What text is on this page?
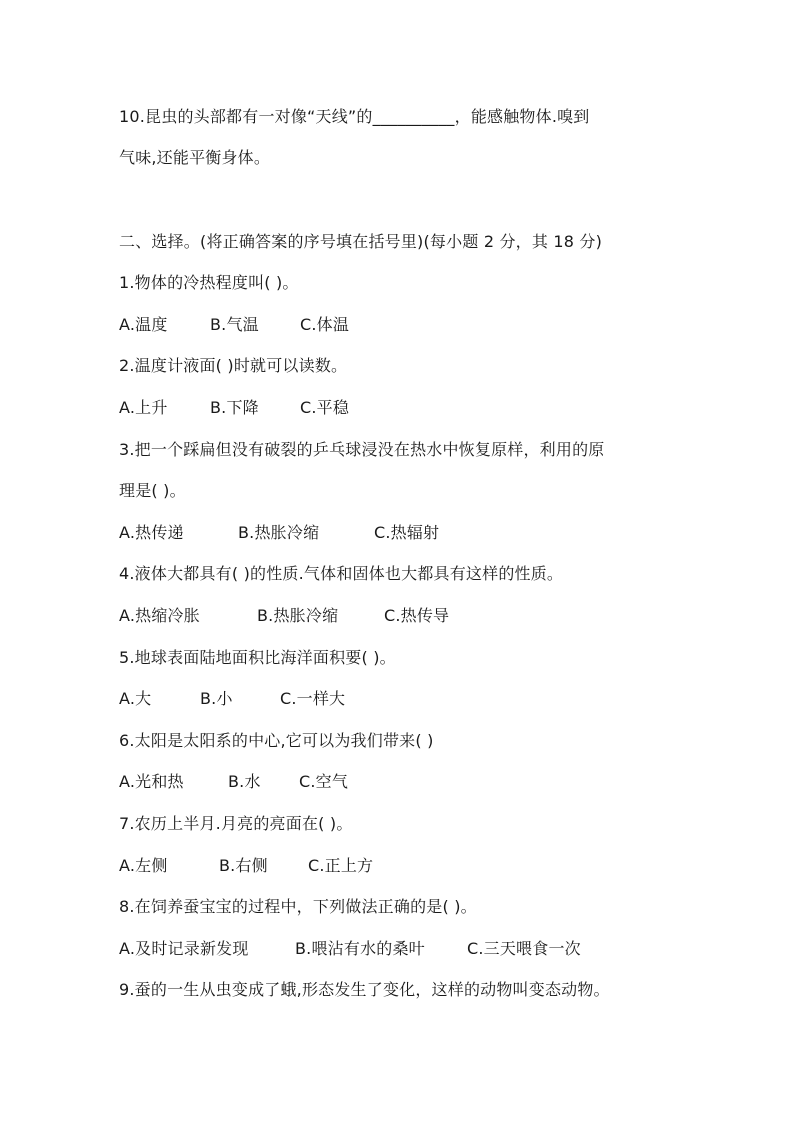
10.昆虫的头部都有一对像“天线”的__________，能感触物体.嗅到
气味,还能平衡身体。
二、选择。(将正确答案的序号填在括号里)(每小题 2 分，其 18 分)
1.物体的冷热程度叫( )。
A.温度	B.气温	C.体温
2.温度计液面( )时就可以读数。
A.上升	B.下降	C.平稳
3.把一个踩扁但没有破裂的乒乓球浸没在热水中恢复原样，利用的原
理是( )。
A.热传递	B.热胀冷缩	C.热辐射
4.液体大都具有( )的性质.气体和固体也大都具有这样的性质。
A.热缩冷胀	B.热胀冷缩	C.热传导
5.地球表面陆地面积比海洋面积要( )。
A.大	B.小	C.一样大
6.太阳是太阳系的中心,它可以为我们带来( )
A.光和热	B.水 C.空气
7.农历上半月.月亮的亮面在( )。
A.左侧	B.右侧	C.正上方
8.在饲养蚕宝宝的过程中，下列做法正确的是( )。
A.及时记录新发现	B.喂沾有水的桑叶	C.三天喂食一次
9.蚕的一生从虫变成了蛾,形态发生了变化，这样的动物叫变态动物。
